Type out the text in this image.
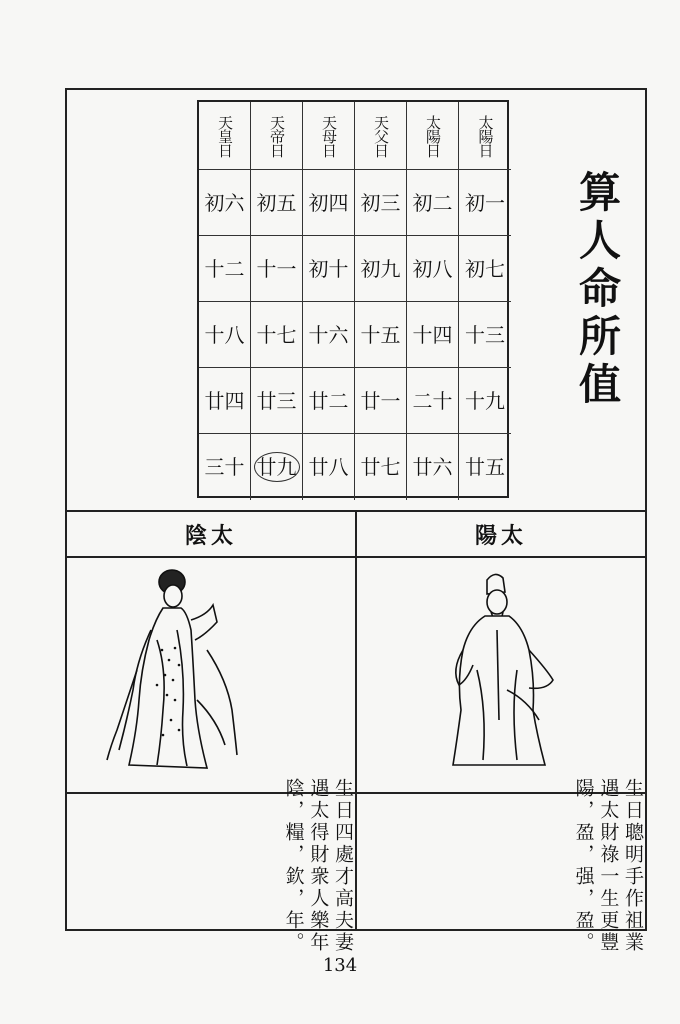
天皇日 天帝日 天母日 天父日 太陽日 太陽日
初六 初五 初四 初三 初二 初一
十二 十一 初十 初九 初八 初七
十八 十七 十六 十五 十四 十三
廿四 廿三 廿二 廿一 二十 十九
三十 廿九 廿八 廿七 廿六 廿五
算人命所值
陰太	陽太
生日遇太陰，
四處得財糧，
才高衆人欽，
夫妻樂年年。
生日遇太陽，
聰明財祿盈，
手作一生强，
祖業更豐盈。
134
